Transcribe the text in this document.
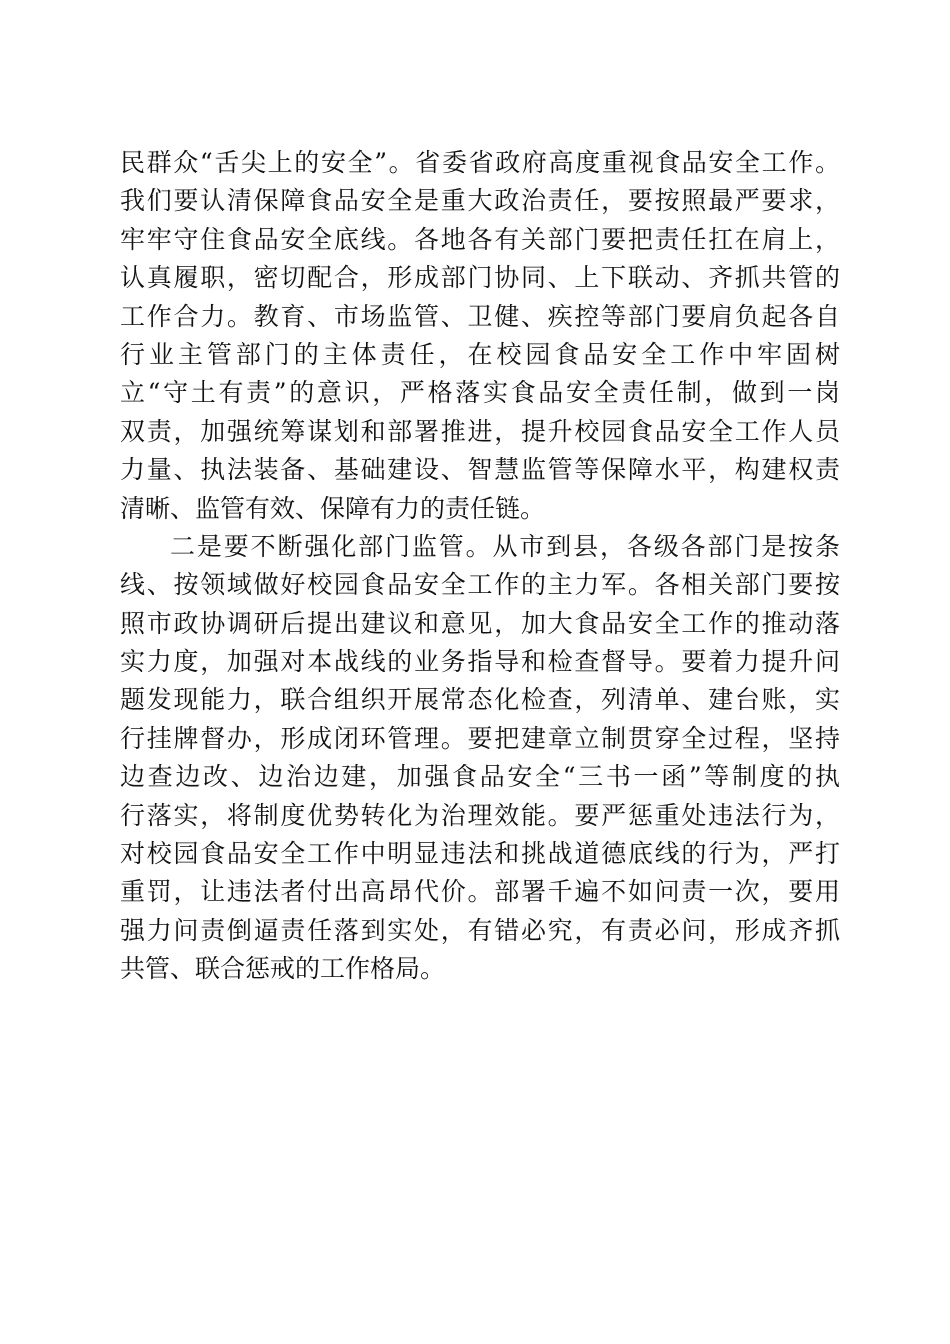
民群众“舌尖上的安全”。省委省政府高度重视食品安全工作。
我们要认清保障食品安全是重大政治责任，要按照最严要求，
牢牢守住食品安全底线。各地各有关部门要把责任扛在肩上，
认真履职，密切配合，形成部门协同、上下联动、齐抓共管的
工作合力。教育、市场监管、卫健、疾控等部门要肩负起各自
行业主管部门的主体责任，在校园食品安全工作中牢固树
立“守土有责”的意识，严格落实食品安全责任制，做到一岗
双责，加强统筹谋划和部署推进，提升校园食品安全工作人员
力量、执法装备、基础建设、智慧监管等保障水平，构建权责
清晰、监管有效、保障有力的责任链。
二是要不断强化部门监管。从市到县，各级各部门是按条
线、按领域做好校园食品安全工作的主力军。各相关部门要按
照市政协调研后提出建议和意见，加大食品安全工作的推动落
实力度，加强对本战线的业务指导和检查督导。要着力提升问
题发现能力，联合组织开展常态化检查，列清单、建台账，实
行挂牌督办，形成闭环管理。要把建章立制贯穿全过程，坚持
边查边改、边治边建，加强食品安全“三书一函”等制度的执
行落实，将制度优势转化为治理效能。要严惩重处违法行为，
对校园食品安全工作中明显违法和挑战道德底线的行为，严打
重罚，让违法者付出高昂代价。部署千遍不如问责一次，要用
强力问责倒逼责任落到实处，有错必究，有责必问，形成齐抓
共管、联合惩戒的工作格局。
